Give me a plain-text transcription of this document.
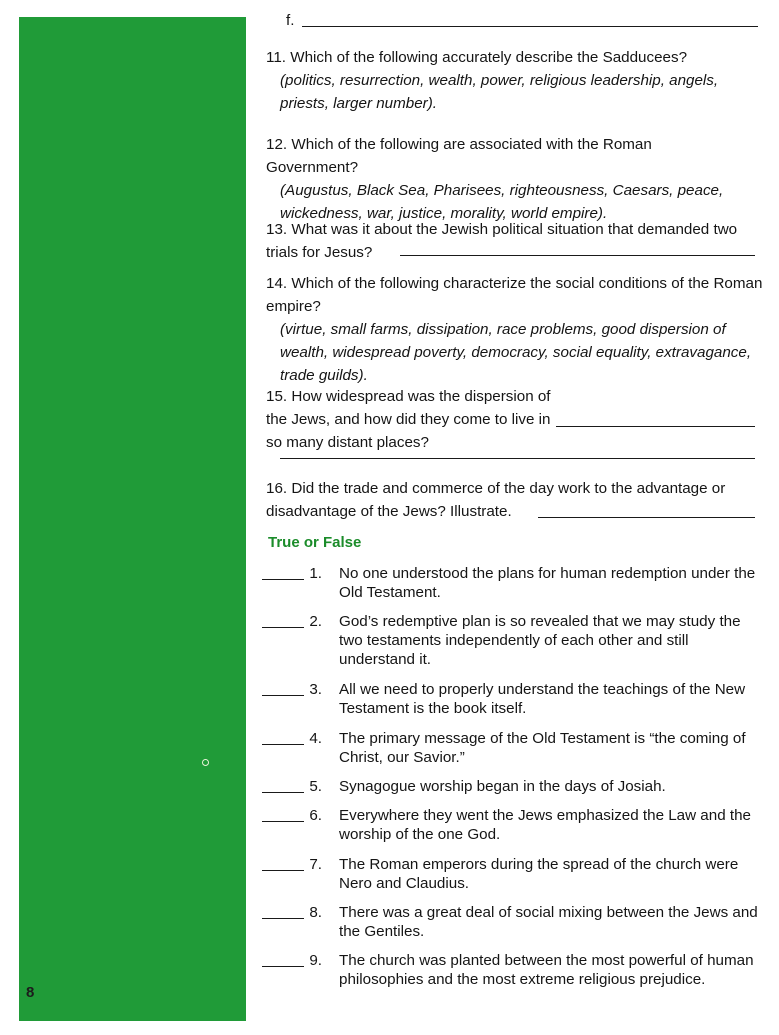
8
f.
11. Which of the following accurately describe the Sadducees?
(politics, resurrection, wealth, power, religious leadership, angels, priests, larger number).
12. Which of the following are associated with the Roman Government?
(Augustus, Black Sea, Pharisees, righteousness, Caesars, peace, wickedness, war, justice, morality, world empire).
13. What was it about the Jewish political situation that demanded two trials for Jesus?
14. Which of the following characterize the social conditions of the Roman empire?
(virtue, small farms, dissipation, race problems, good dispersion of wealth, widespread poverty, democracy, social equality, extravagance, trade guilds).
15. How widespread was the dispersion of the Jews, and how did they come to live in so many distant places?
16. Did the trade and commerce of the day work to the advantage or disadvantage of the Jews? Illustrate.
True or False
1. No one understood the plans for human redemption under the Old Testament.
2. God’s redemptive plan is so revealed that we may study the two testaments independently of each other and still understand it.
3. All we need to properly understand the teachings of the New Testament is the book itself.
4. The primary message of the Old Testament is “the coming of Christ, our Savior.”
5. Synagogue worship began in the days of Josiah.
6. Everywhere they went the Jews emphasized the Law and the worship of the one God.
7. The Roman emperors during the spread of the church were Nero and Claudius.
8. There was a great deal of social mixing between the Jews and the Gentiles.
9. The church was planted between the most powerful of human philosophies and the most extreme religious prejudice.
